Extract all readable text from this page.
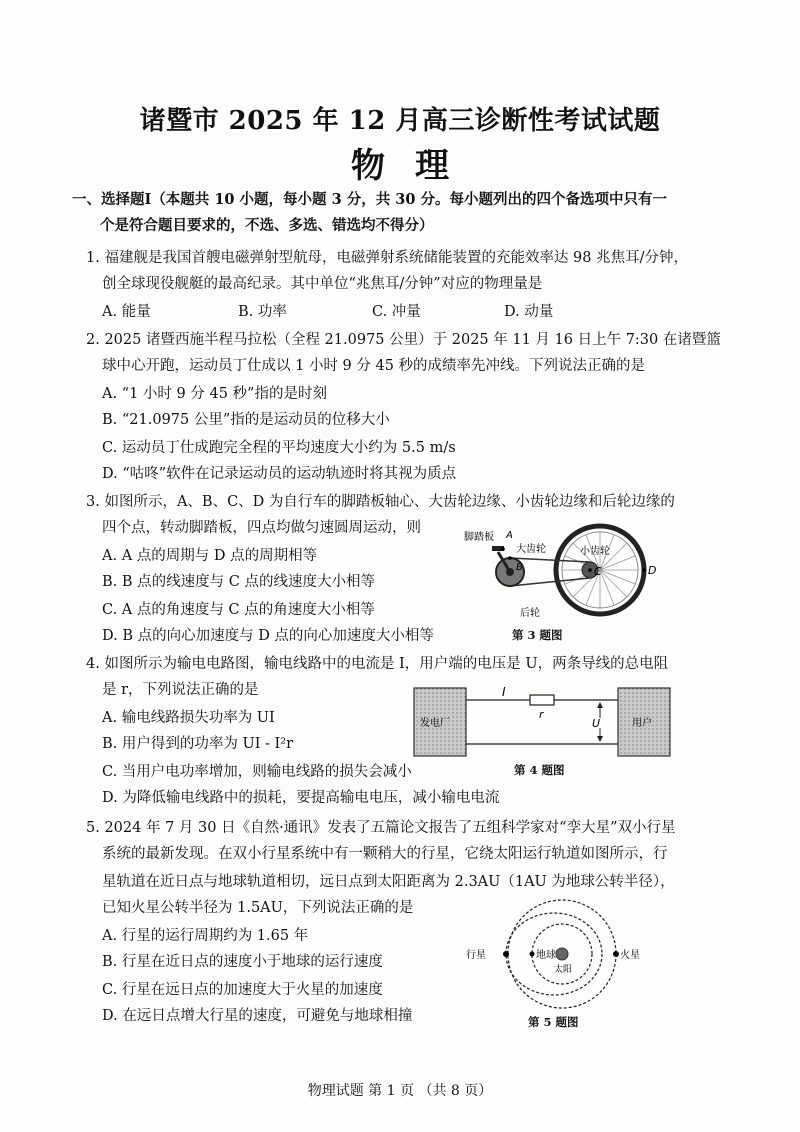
诸暨市 2025 年 12 月高三诊断性考试试题
物理
一、选择题Ⅰ（本题共 10 小题，每小题 3 分，共 30 分。每小题列出的四个备选项中只有一
个是符合题目要求的，不选、多选、错选均不得分）
1. 福建舰是我国首艘电磁弹射型航母，电磁弹射系统储能装置的充能效率达 98 兆焦耳/分钟，
创全球现役舰艇的最高纪录。其中单位“兆焦耳/分钟”对应的物理量是
A. 能量	B. 功率	C. 冲量	D. 动量
2. 2025 诸暨西施半程马拉松（全程 21.0975 公里）于 2025 年 11 月 16 日上午 7:30 在诸暨篮
球中心开跑，运动员丁仕成以 1 小时 9 分 45 秒的成绩率先冲线。下列说法正确的是
A. “1 小时 9 分 45 秒”指的是时刻
B. “21.0975 公里”指的是运动员的位移大小
C. 运动员丁仕成跑完全程的平均速度大小约为 5.5 m/s
D. “咕咚”软件在记录运动员的运动轨迹时将其视为质点
3. 如图所示，A、B、C、D 为自行车的脚踏板轴心、大齿轮边缘、小齿轮边缘和后轮边缘的
四个点，转动脚踏板，四点均做匀速圆周运动，则
A. A 点的周期与 D 点的周期相等
B. B 点的线速度与 C 点的线速度大小相等
C. A 点的角速度与 C 点的角速度大小相等
D. B 点的向心加速度与 D 点的向心加速度大小相等
脚踏板 A
大齿轮
B
小齿轮
C	D
后轮
第 3 题图
4. 如图所示为输电电路图，输电线路中的电流是 I，用户端的电压是 U，两条导线的总电阻
是 r，下列说法正确的是
A. 输电线路损失功率为 UI
B. 用户得到的功率为 UI - I²r
C. 当用户电功率增加，则输电线路的损失会减小
D. 为降低输电线路中的损耗，要提高输电电压，减小输电电流
发电厂	用户
I
r
U
第 4 题图
5. 2024 年 7 月 30 日《自然·通讯》发表了五篇论文报告了五组科学家对“孪大星”双小行星
系统的最新发现。在双小行星系统中有一颗稍大的行星，它绕太阳运行轨道如图所示，行
星轨道在近日点与地球轨道相切，远日点到太阳距离为 2.3AU（1AU 为地球公转半径），
已知火星公转半径为 1.5AU，下列说法正确的是
A. 行星的运行周期约为 1.65 年
B. 行星在近日点的速度小于地球的运行速度
C. 行星在远日点的加速度大于火星的加速度
D. 在远日点增大行星的速度，可避免与地球相撞
行星	地球
太阳
火星
第 5 题图
物理试题 第 1 页 （共 8 页）
